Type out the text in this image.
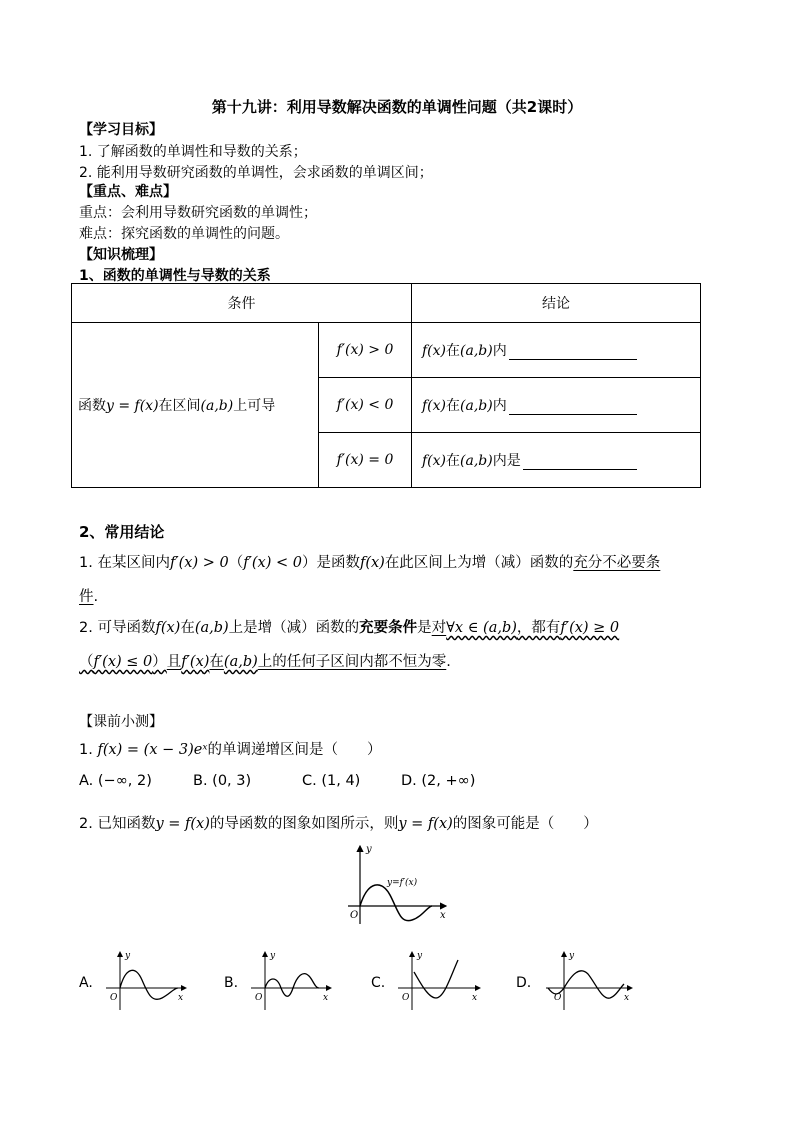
第十九讲：利用导数解决函数的单调性问题（共2课时）
【学习目标】
1. 了解函数的单调性和导数的关系；
2. 能利用导数研究函数的单调性，会求函数的单调区间；
【重点、难点】
重点：会利用导数研究函数的单调性；
难点：探究函数的单调性的问题。
【知识梳理】
1、函数的单调性与导数的关系
条件		结论
函数y = f(x)在区间(a,b)上可导	f′(x) > 0	f(x)在(a,b)内
	f′(x) < 0	f(x)在(a,b)内
	f′(x) = 0	f(x)在(a,b)内是
2、常用结论
1. 在某区间内f′(x) > 0（f′(x) < 0）是函数f(x)在此区间上为增（减）函数的充分不必要条
件.
2. 可导函数f(x)在(a,b)上是增（减）函数的充要条件是对∀x ∈ (a,b)，都有f′(x) ≥ 0
（f′(x) ≤ 0）且f′(x)在(a,b)上的任何子区间内都不恒为零.
【课前小测】
1. f(x) = (x − 3)eˣ的单调递增区间是（　　）
A. (−∞, 2)	B. (0, 3)	C. (1, 4)	D. (2, +∞)
2. 已知函数y = f(x)的导函数的图象如图所示，则y = f(x)的图象可能是（　　）
y
x
O
y=f′(x)
A.
y
x
O
B.
y
x
O
C.
y
x
O
D.
y
x
O
